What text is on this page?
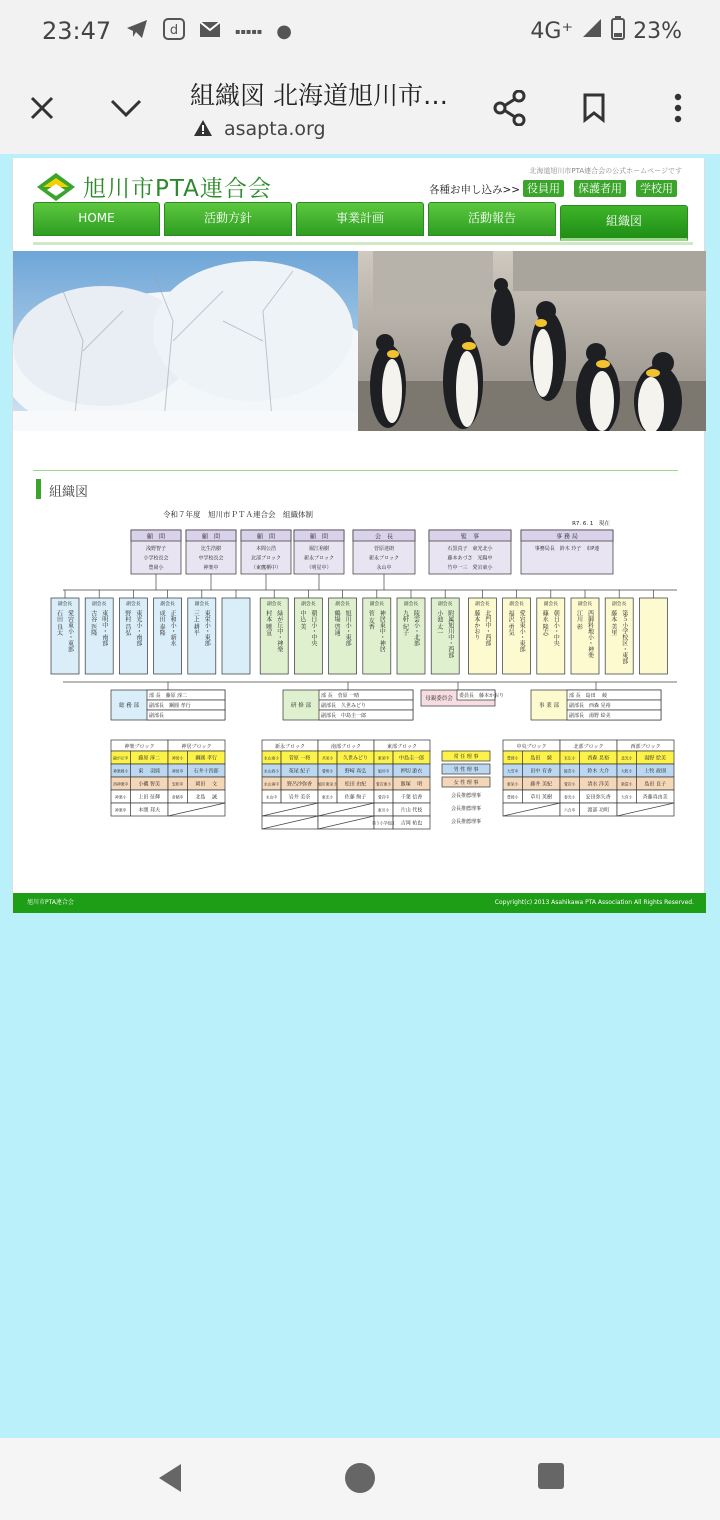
23:47	d	▪▪▪▪▪ ●	4G⁺	23%
組織図 北海道旭川市…
asapta.org
旭川市PTA連合会
北海道旭川市PTA連合会の公式ホームページです
各種お申し込み>> 役員用	保護者用	学校用
HOME	活動方針	事業計画	活動報告	組織図
組織図
令和７年度　旭川市ＰＴＡ連合会　組織体制
R7. 6. 1　現在
顧　問
浅野智子
小学校長会
豊岡小
顧　問
比生浩樹
中学校長会
神楽中
顧　問
本間公浩
北部ブロック
（東鷹栖中）
顧　問
堀江裕樹
新永ブロック
（明星中）
会　長
菅原達朗
新永ブロック
永山中
監　事
石黒真子　東光北小
藤本あづさ　光陽中
竹中一三　愛宕東小
事 務 局
事務局長　鈴木 玲子　市P連
副会長
石田 良太 愛宕東小・東部
副会長
古谷 医隆 東明中・南部
副会長
野村 昌弘 東光小・南部
副会長
成田 泰隆 正和小・新永
副会長
三上 耕平 東栄小・東部
副会長
村本 曉宣 緑が丘中・神楽
副会長
中込 美 朝日小・中央
副会長
鶴場 啓通 旭川小・東部
副会長
菅 友香 神居東中・神居
副会長
九軒 紀子 陵雲小・北部
副会長
小池 太一 附属旭川中・西部
副会長
藤本かおり 北門中・西部
副会長
福沢 勇気 愛宕東小・東部
副会長
篠永 隆志 朝日小・中央
副会長
江川 彰 西御料地小・神楽
副会長
藤本 美里 第５小学校区・東部
総 務 部
部 長　藤原 淳二
副部長　鋼圓 孝行
副部長
研 修 部
部 長　菅原 一晴
副部長　久世みどり
副部長　中島圭一郎
母親委員会 委員長　藤本かおり
事 業 部
部 長　島田 　綾
副部長　西森 晃裕
副部長　湯野 絵美
神楽ブロック	神居ブロック
緑が丘中 藤原 淳二	神居小 鋼圓 孝行
神楽岡小 東　 羽純	神居中 石井十四郎
西神楽中 小磯 智美	忠和中 岡田 　文
神楽小 上田 征輝	倉稲中 北島 　誠
神楽中 本間 邦夫
新永ブロック	南部ブロック	東部ブロック
永山南小 菅原 一将	共栄小 久世みどり	東栄中 中島圭一郎
永山西小 菟尾 紀子	愛明小 野崎 真弘	旭川中 押切 游衣
永山南中 野呂沙弥香 旭川東栄小 松田 由紀	愛宕東小 飯塚 　明
永山中 岩井 美奈	東光小 佐藤 絢子	愛宕中 千葉 信香
東川小 片山 代枝
第５小学校区 吉岡 祐也
中央ブロック	北部ブロック	西部ブロック
豊岡小 島田 　綾	末広小 西森 晃裕	北光小 湯野 絵美
大雪中 田中 有香	陵雲小 鈴木 大介	大町小 上牧 政則
東栄小 藤井 美紀	愛宕小 清水 洋美	新富小 島田 良子
豊岡小 草川 英樹	春光小 安田弥矢香	大有小 斉藤真由美
六合中 渡部 功明
常 任 理 事
男 性 理 事
女 性 理 事
会長推薦理事
会長推薦理事
会長推薦理事
旭川市PTA連合会	Copyright(c) 2013 Asahikawa PTA Association All Rights Reserved.
